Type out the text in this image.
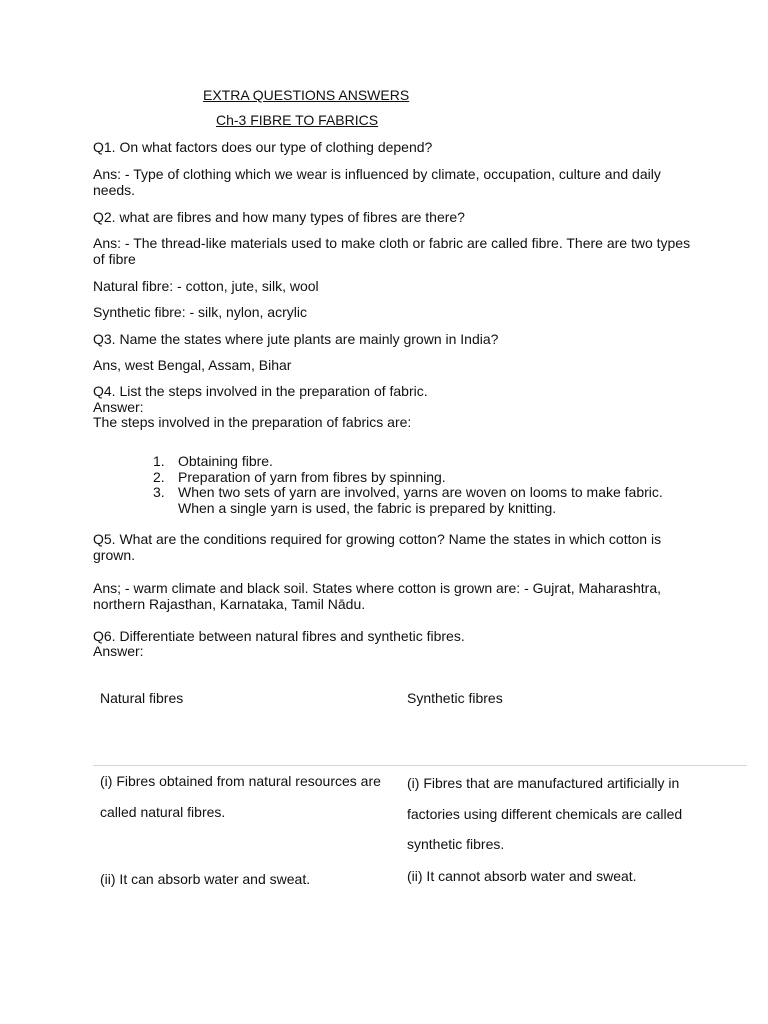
EXTRA QUESTIONS ANSWERS
Ch-3 FIBRE TO FABRICS

Q1. On what factors does our type of clothing depend?

Ans: - Type of clothing which we wear is influenced by climate, occupation, culture and daily needs.

Q2. what are fibres and how many types of fibres are there?

Ans: - The thread-like materials used to make cloth or fabric are called fibre. There are two types of fibre

Natural fibre: - cotton, jute, silk, wool

Synthetic fibre: - silk, nylon, acrylic

Q3. Name the states where jute plants are mainly grown in India?

Ans, west Bengal, Assam, Bihar

Q4. List the steps involved in the preparation of fabric.

Answer:

The steps involved in the preparation of fabrics are:

1. Obtaining fibre.
2. Preparation of yarn from fibres by spinning.
3. When two sets of yarn are involved, yarns are woven on looms to make fabric. When a single yarn is used, the fabric is prepared by knitting.

Q5. What are the conditions required for growing cotton? Name the states in which cotton is grown.

Ans; - warm climate and black soil. States where cotton is grown are: - Gujrat, Maharashtra, northern Rajasthan, Karnataka, Tamil Nādu.

Q6. Differentiate between natural fibres and synthetic fibres.

Answer:

Natural fibres	Synthetic fibres
(i) Fibres obtained from natural resources are called natural fibres.
(i) Fibres that are manufactured artificially in factories using different chemicals are called synthetic fibres.
(ii) It can absorb water and sweat.	(ii) It cannot absorb water and sweat.
